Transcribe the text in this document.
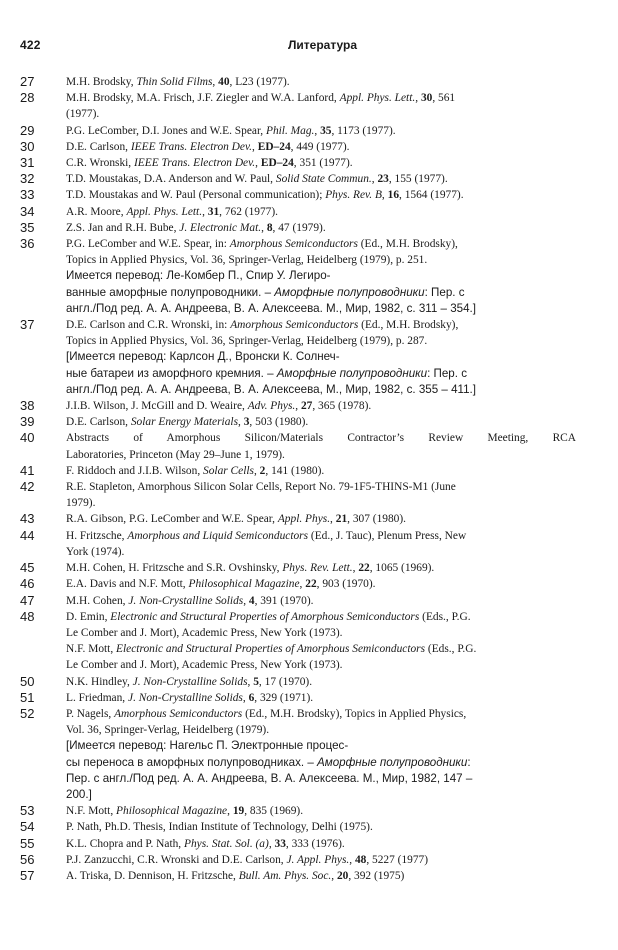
422	Литература
27	M.H. Brodsky, Thin Solid Films, 40, L23 (1977).
28	M.H. Brodsky, M.A. Frisch, J.F. Ziegler and W.A. Lanford, Appl. Phys. Lett., 30, 561
(1977).
29	P.G. LeComber, D.I. Jones and W.E. Spear, Phil. Mag., 35, 1173 (1977).
30	D.E. Carlson, IEEE Trans. Electron Dev., ED–24, 449 (1977).
31	C.R. Wronski, IEEE Trans. Electron Dev., ED–24, 351 (1977).
32	T.D. Moustakas, D.A. Anderson and W. Paul, Solid State Commun., 23, 155 (1977).
33	T.D. Moustakas and W. Paul (Personal communication); Phys. Rev. B, 16, 1564 (1977).
34	A.R. Moore, Appl. Phys. Lett., 31, 762 (1977).
35	Z.S. Jan and R.H. Bube, J. Electronic Mat., 8, 47 (1979).
36	P.G. LeComber and W.E. Spear, in: Amorphous Semiconductors (Ed., M.H. Brodsky),
Topics in Applied Physics, Vol. 36, Springer-Verlag, Heidelberg (1979), p. 251.
Имеется перевод: Ле-Комбер П., Спир У. Легиро-
ванные аморфные полупроводники. – Аморфные полупроводники: Пер. с
англ./Под ред. А. А. Андреева, В. А. Алексеева. М., Мир, 1982, с. 311 – 354.]
37	D.E. Carlson and C.R. Wronski, in: Amorphous Semiconductors (Ed., M.H. Brodsky),
Topics in Applied Physics, Vol. 36, Springer-Verlag, Heidelberg (1979), p. 287.
[Имеется перевод: Карлсон Д., Вронски К. Солнеч-
ные батареи из аморфного кремния. – Аморфные полупроводники: Пер. с
англ./Под ред. А. А. Андреева, В. А. Алексеева, М., Мир, 1982, с. 355 – 411.]
38	J.I.B. Wilson, J. McGill and D. Weaire, Adv. Phys., 27, 365 (1978).
39	D.E. Carlson, Solar Energy Materials, 3, 503 (1980).
40	Abstracts of Amorphous Silicon/Materials Contractor’s Review Meeting, RCA
Laboratories, Princeton (May 29–June 1, 1979).
41	F. Riddoch and J.I.B. Wilson, Solar Cells, 2, 141 (1980).
42	R.E. Stapleton, Amorphous Silicon Solar Cells, Report No. 79-1F5-THINS-M1 (June
1979).
43	R.A. Gibson, P.G. LeComber and W.E. Spear, Appl. Phys., 21, 307 (1980).
44	H. Fritzsche, Amorphous and Liquid Semiconductors (Ed., J. Tauc), Plenum Press, New
York (1974).
45	M.H. Cohen, H. Fritzsche and S.R. Ovshinsky, Phys. Rev. Lett., 22, 1065 (1969).
46	E.A. Davis and N.F. Mott, Philosophical Magazine, 22, 903 (1970).
47	M.H. Cohen, J. Non-Crystalline Solids, 4, 391 (1970).
48	D. Emin, Electronic and Structural Properties of Amorphous Semiconductors (Eds., P.G.
Le Comber and J. Mort), Academic Press, New York (1973).
N.F. Mott, Electronic and Structural Properties of Amorphous Semiconductors (Eds., P.G.
Le Comber and J. Mort), Academic Press, New York (1973).
50	N.K. Hindley, J. Non-Crystalline Solids, 5, 17 (1970).
51	L. Friedman, J. Non-Crystalline Solids, 6, 329 (1971).
52	P. Nagels, Amorphous Semiconductors (Ed., M.H. Brodsky), Topics in Applied Physics,
Vol. 36, Springer-Verlag, Heidelberg (1979).
[Имеется перевод: Нагельс П. Электронные процес-
сы переноса в аморфных полупроводниках. – Аморфные полупроводники:
Пер. с англ./Под ред. А. А. Андреева, В. А. Алексеева. М., Мир, 1982, 147 –
200.]
53	N.F. Mott, Philosophical Magazine, 19, 835 (1969).
54	P. Nath, Ph.D. Thesis, Indian Institute of Technology, Delhi (1975).
55	K.L. Chopra and P. Nath, Phys. Stat. Sol. (a), 33, 333 (1976).
56	P.J. Zanzucchi, C.R. Wronski and D.E. Carlson, J. Appl. Phys., 48, 5227 (1977)
57	A. Triska, D. Dennison, H. Fritzsche, Bull. Am. Phys. Soc., 20, 392 (1975)
